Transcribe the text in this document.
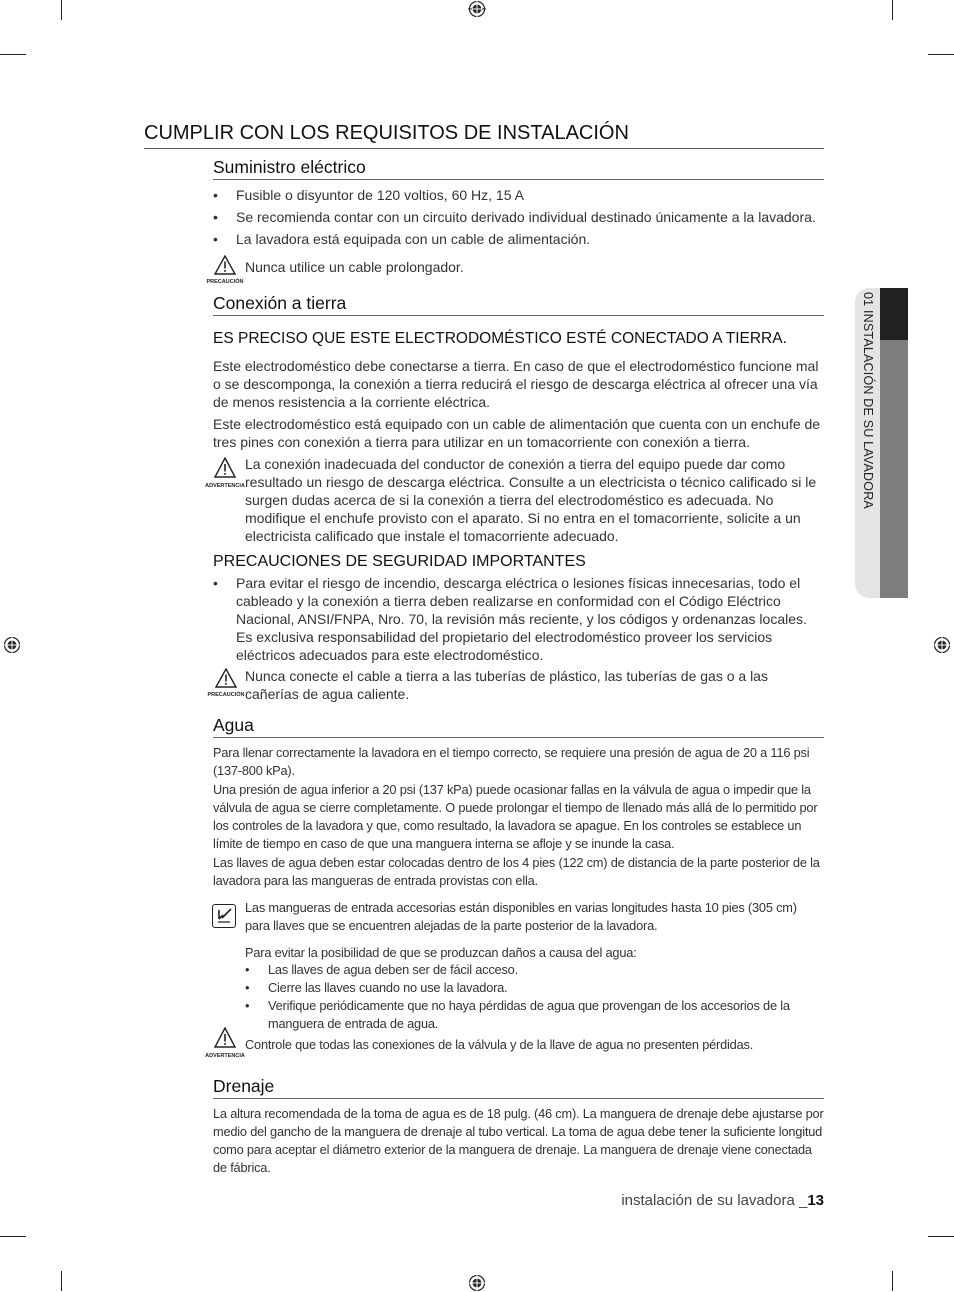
01 INSTALACIÓN DE SU LAVADORA
CUMPLIR CON LOS REQUISITOS DE INSTALACIÓN
Suministro eléctrico
• Fusible o disyuntor de 120 voltios, 60 Hz, 15 A
• Se recomienda contar con un circuito derivado individual destinado únicamente a la lavadora.
• La lavadora está equipada con un cable de alimentación.
PRECAUCIÓN
Nunca utilice un cable prolongador.
Conexión a tierra
ES PRECISO QUE ESTE ELECTRODOMÉSTICO ESTÉ CONECTADO A TIERRA.

Este electrodoméstico debe conectarse a tierra. En caso de que el electrodoméstico funcione mal o se descomponga, la conexión a tierra reducirá el riesgo de descarga eléctrica al ofrecer una vía de menos resistencia a la corriente eléctrica.

Este electrodoméstico está equipado con un cable de alimentación que cuenta con un enchufe de tres pines con conexión a tierra para utilizar en un tomacorriente con conexión a tierra.

ADVERTENCIA

La conexión inadecuada del conductor de conexión a tierra del equipo puede dar como resultado un riesgo de descarga eléctrica. Consulte a un electricista o técnico calificado si le surgen dudas acerca de si la conexión a tierra del electrodoméstico es adecuada. No modifique el enchufe provisto con el aparato. Si no entra en el tomacorriente, solicite a un electricista calificado que instale el tomacorriente adecuado.

PRECAUCIONES DE SEGURIDAD IMPORTANTES
• Para evitar el riesgo de incendio, descarga eléctrica o lesiones físicas innecesarias, todo el cableado y la conexión a tierra deben realizarse en conformidad con el Código Eléctrico Nacional, ANSI/FNPA, Nro. 70, la revisión más reciente, y los códigos y ordenanzas locales. Es exclusiva responsabilidad del propietario del electrodoméstico proveer los servicios eléctricos adecuados para este electrodoméstico.
PRECAUCIÓN

Nunca conecte el cable a tierra a las tuberías de plástico, las tuberías de gas o a las cañerías de agua caliente.

Agua

Para llenar correctamente la lavadora en el tiempo correcto, se requiere una presión de agua de 20 a 116 psi (137-800 kPa).

Una presión de agua inferior a 20 psi (137 kPa) puede ocasionar fallas en la válvula de agua o impedir que la válvula de agua se cierre completamente. O puede prolongar el tiempo de llenado más allá de lo permitido por los controles de la lavadora y que, como resultado, la lavadora se apague. En los controles se establece un límite de tiempo en caso de que una manguera interna se afloje y se inunde la casa.

Las llaves de agua deben estar colocadas dentro de los 4 pies (122 cm) de distancia de la parte posterior de la lavadora para las mangueras de entrada provistas con ella.

Las mangueras de entrada accesorias están disponibles en varias longitudes hasta 10 pies (305 cm) para llaves que se encuentren alejadas de la parte posterior de la lavadora.

Para evitar la posibilidad de que se produzcan daños a causa del agua:

• Las llaves de agua deben ser de fácil acceso.
• Cierre las llaves cuando no use la lavadora.
• Verifique periódicamente que no haya pérdidas de agua que provengan de los accesorios de la manguera de entrada de agua.
ADVERTENCIA

Controle que todas las conexiones de la válvula y de la llave de agua no presenten pérdidas.

Drenaje

La altura recomendada de la toma de agua es de 18 pulg. (46 cm). La manguera de drenaje debe ajustarse por medio del gancho de la manguera de drenaje al tubo vertical. La toma de agua debe tener la suficiente longitud como para aceptar el diámetro exterior de la manguera de drenaje. La manguera de drenaje viene conectada de fábrica.

instalación de su lavadora _13
